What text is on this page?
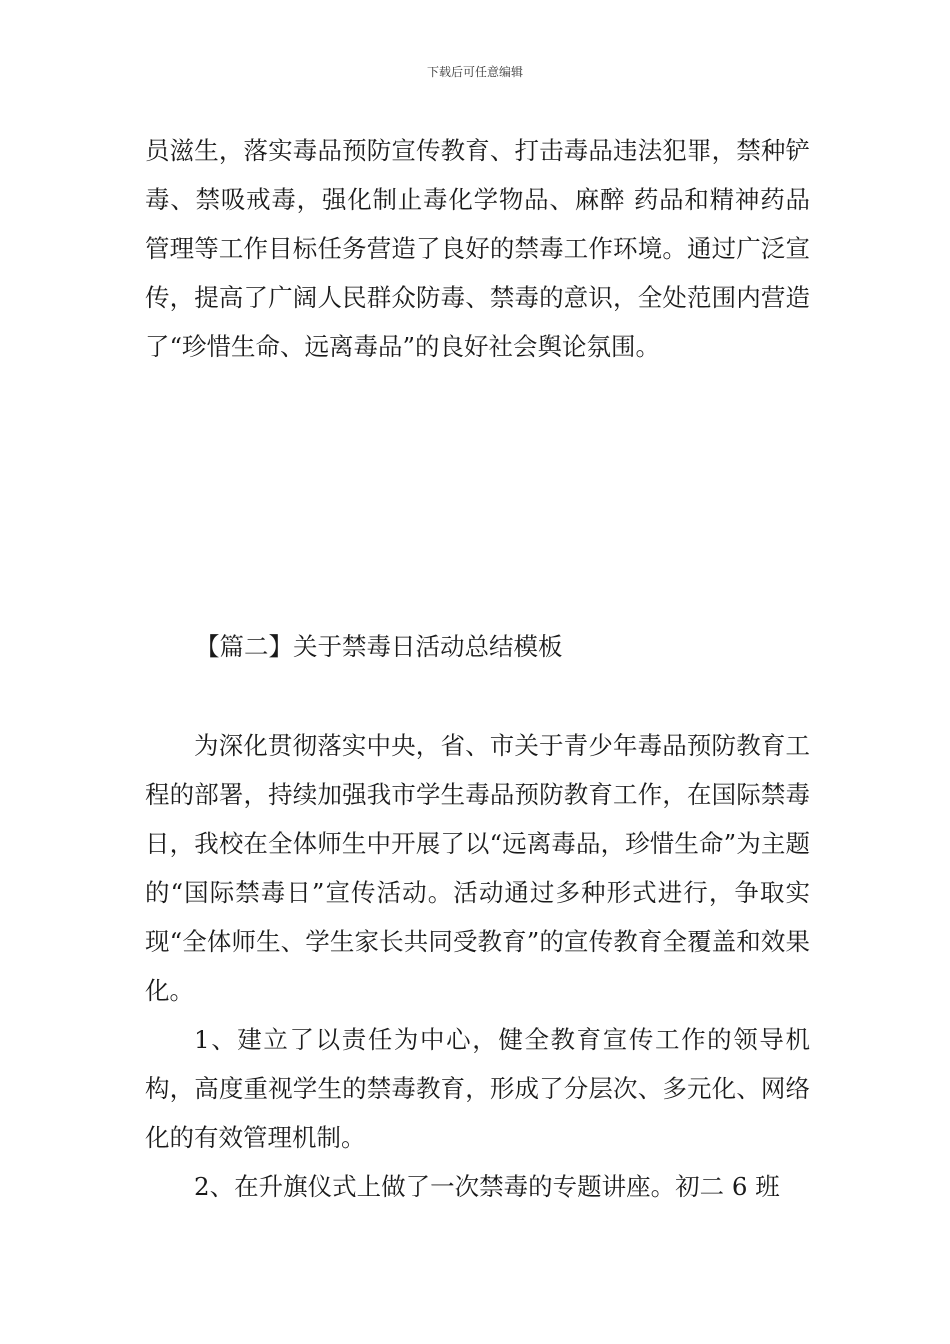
下载后可任意编辑

员滋生，落实毒品预防宣传教育、打击毒品违法犯罪，禁种铲毒、禁吸戒毒，强化制止毒化学物品、麻醉 药品和精神药品管理等工作目标任务营造了良好的禁毒工作环境。通过广泛宣传，提高了广阔人民群众防毒、禁毒的意识，全处范围内营造了“珍惜生命、远离毒品”的良好社会舆论氛围。

【篇二】关于禁毒日活动总结模板

为深化贯彻落实中央，省、市关于青少年毒品预防教育工程的部署，持续加强我市学生毒品预防教育工作，在国际禁毒日，我校在全体师生中开展了以“远离毒品，珍惜生命”为主题的“国际禁毒日”宣传活动。活动通过多种形式进行，争取实现“全体师生、学生家长共同受教育”的宣传教育全覆盖和效果化。

1、建立了以责任为中心，健全教育宣传工作的领导机构，高度重视学生的禁毒教育，形成了分层次、多元化、网络化的有效管理机制。

2、在升旗仪式上做了一次禁毒的专题讲座。初二 6 班
